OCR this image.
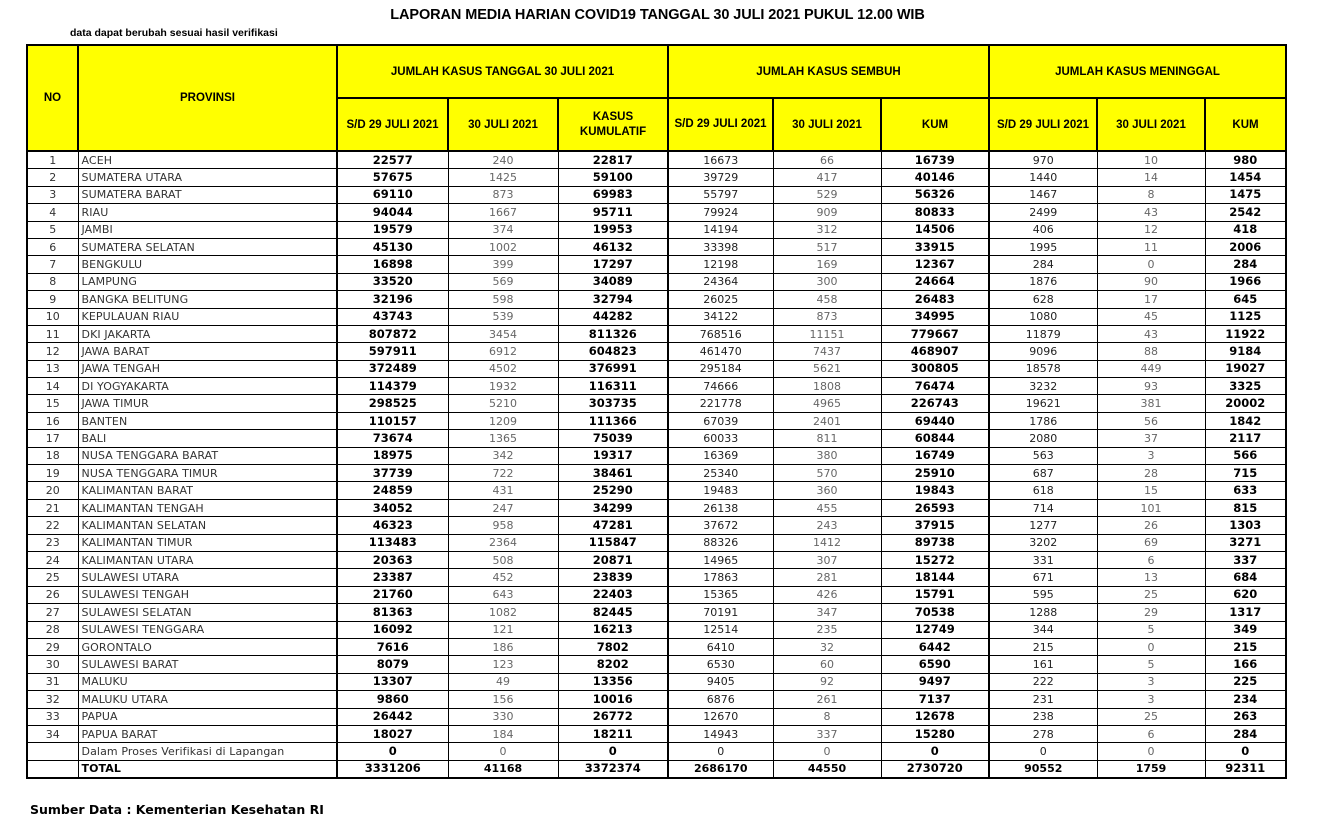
LAPORAN MEDIA HARIAN COVID19 TANGGAL 30 JULI 2021 PUKUL 12.00 WIB
data dapat berubah sesuai hasil verifikasi
NO	PROVINSI	JUMLAH KASUS TANGGAL 30 JULI 2021			JUMLAH KASUS SEMBUH			JUMLAH KASUS MENINGGAL		
		S/D 29 JULI 2021	30 JULI 2021	KASUS KUMULATIF	S/D 29 JULI 2021	30 JULI 2021	KUM	S/D 29 JULI 2021	30 JULI 2021	KUM
1	ACEH	22577	240	22817	16673	66	16739	970	10	980
2	SUMATERA UTARA	57675	1425	59100	39729	417	40146	1440	14	1454
3	SUMATERA BARAT	69110	873	69983	55797	529	56326	1467	8	1475
4	RIAU	94044	1667	95711	79924	909	80833	2499	43	2542
5	JAMBI	19579	374	19953	14194	312	14506	406	12	418
6	SUMATERA SELATAN	45130	1002	46132	33398	517	33915	1995	11	2006
7	BENGKULU	16898	399	17297	12198	169	12367	284	0	284
8	LAMPUNG	33520	569	34089	24364	300	24664	1876	90	1966
9	BANGKA BELITUNG	32196	598	32794	26025	458	26483	628	17	645
10	KEPULAUAN RIAU	43743	539	44282	34122	873	34995	1080	45	1125
11	DKI JAKARTA	807872	3454	811326	768516	11151	779667	11879	43	11922
12	JAWA BARAT	597911	6912	604823	461470	7437	468907	9096	88	9184
13	JAWA TENGAH	372489	4502	376991	295184	5621	300805	18578	449	19027
14	DI YOGYAKARTA	114379	1932	116311	74666	1808	76474	3232	93	3325
15	JAWA TIMUR	298525	5210	303735	221778	4965	226743	19621	381	20002
16	BANTEN	110157	1209	111366	67039	2401	69440	1786	56	1842
17	BALI	73674	1365	75039	60033	811	60844	2080	37	2117
18	NUSA TENGGARA BARAT	18975	342	19317	16369	380	16749	563	3	566
19	NUSA TENGGARA TIMUR	37739	722	38461	25340	570	25910	687	28	715
20	KALIMANTAN BARAT	24859	431	25290	19483	360	19843	618	15	633
21	KALIMANTAN TENGAH	34052	247	34299	26138	455	26593	714	101	815
22	KALIMANTAN SELATAN	46323	958	47281	37672	243	37915	1277	26	1303
23	KALIMANTAN TIMUR	113483	2364	115847	88326	1412	89738	3202	69	3271
24	KALIMANTAN UTARA	20363	508	20871	14965	307	15272	331	6	337
25	SULAWESI UTARA	23387	452	23839	17863	281	18144	671	13	684
26	SULAWESI TENGAH	21760	643	22403	15365	426	15791	595	25	620
27	SULAWESI SELATAN	81363	1082	82445	70191	347	70538	1288	29	1317
28	SULAWESI TENGGARA	16092	121	16213	12514	235	12749	344	5	349
29	GORONTALO	7616	186	7802	6410	32	6442	215	0	215
30	SULAWESI BARAT	8079	123	8202	6530	60	6590	161	5	166
31	MALUKU	13307	49	13356	9405	92	9497	222	3	225
32	MALUKU UTARA	9860	156	10016	6876	261	7137	231	3	234
33	PAPUA	26442	330	26772	12670	8	12678	238	25	263
34	PAPUA BARAT	18027	184	18211	14943	337	15280	278	6	284
	Dalam Proses Verifikasi di Lapangan	0	0	0	0	0	0	0	0	0
	TOTAL	3331206	41168	3372374	2686170	44550	2730720	90552	1759	92311
Sumber Data : Kementerian Kesehatan RI
